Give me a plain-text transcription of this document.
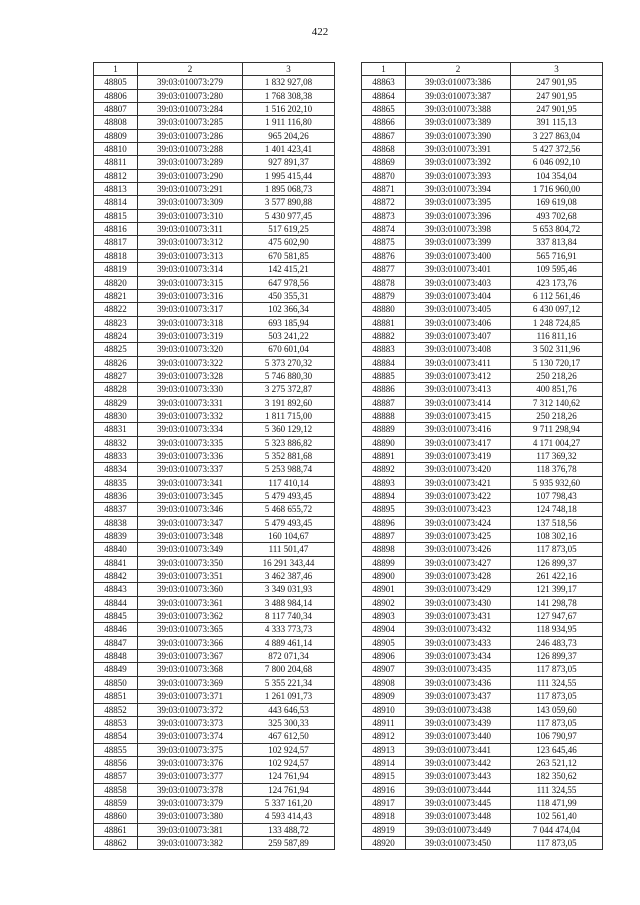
422
1	2	3
48805	39:03:010073:279	1 832 927,08
48806	39:03:010073:280	1 768 308,38
48807	39:03:010073:284	1 516 202,10
48808	39:03:010073:285	1 911 116,80
48809	39:03:010073:286	965 204,26
48810	39:03:010073:288	1 401 423,41
48811	39:03:010073:289	927 891,37
48812	39:03:010073:290	1 995 415,44
48813	39:03:010073:291	1 895 068,73
48814	39:03:010073:309	3 577 890,88
48815	39:03:010073:310	5 430 977,45
48816	39:03:010073:311	517 619,25
48817	39:03:010073:312	475 602,90
48818	39:03:010073:313	670 581,85
48819	39:03:010073:314	142 415,21
48820	39:03:010073:315	647 978,56
48821	39:03:010073:316	450 355,31
48822	39:03:010073:317	102 366,34
48823	39:03:010073:318	693 185,94
48824	39:03:010073:319	503 241,22
48825	39:03:010073:320	670 601,04
48826	39:03:010073:322	5 373 270,32
48827	39:03:010073:328	5 746 880,30
48828	39:03:010073:330	3 275 372,87
48829	39:03:010073:331	3 191 892,60
48830	39:03:010073:332	1 811 715,00
48831	39:03:010073:334	5 360 129,12
48832	39:03:010073:335	5 323 886,82
48833	39:03:010073:336	5 352 881,68
48834	39:03:010073:337	5 253 988,74
48835	39:03:010073:341	117 410,14
48836	39:03:010073:345	5 479 493,45
48837	39:03:010073:346	5 468 655,72
48838	39:03:010073:347	5 479 493,45
48839	39:03:010073:348	160 104,67
48840	39:03:010073:349	111 501,47
48841	39:03:010073:350	16 291 343,44
48842	39:03:010073:351	3 462 387,46
48843	39:03:010073:360	3 349 031,93
48844	39:03:010073:361	3 488 984,14
48845	39:03:010073:362	8 117 740,34
48846	39:03:010073:365	4 333 773,73
48847	39:03:010073:366	4 889 461,14
48848	39:03:010073:367	872 071,34
48849	39:03:010073:368	7 800 204,68
48850	39:03:010073:369	5 355 221,34
48851	39:03:010073:371	1 261 091,73
48852	39:03:010073:372	443 646,53
48853	39:03:010073:373	325 300,33
48854	39:03:010073:374	467 612,50
48855	39:03:010073:375	102 924,57
48856	39:03:010073:376	102 924,57
48857	39:03:010073:377	124 761,94
48858	39:03:010073:378	124 761,94
48859	39:03:010073:379	5 337 161,20
48860	39:03:010073:380	4 593 414,43
48861	39:03:010073:381	133 488,72
48862	39:03:010073:382	259 587,89
1	2	3
48863	39:03:010073:386	247 901,95
48864	39:03:010073:387	247 901,95
48865	39:03:010073:388	247 901,95
48866	39:03:010073:389	391 115,13
48867	39:03:010073:390	3 227 863,04
48868	39:03:010073:391	5 427 372,56
48869	39:03:010073:392	6 046 092,10
48870	39:03:010073:393	104 354,04
48871	39:03:010073:394	1 716 960,00
48872	39:03:010073:395	169 619,08
48873	39:03:010073:396	493 702,68
48874	39:03:010073:398	5 653 804,72
48875	39:03:010073:399	337 813,84
48876	39:03:010073:400	565 716,91
48877	39:03:010073:401	109 595,46
48878	39:03:010073:403	423 173,76
48879	39:03:010073:404	6 112 561,46
48880	39:03:010073:405	6 430 097,12
48881	39:03:010073:406	1 248 724,85
48882	39:03:010073:407	116 811,16
48883	39:03:010073:408	3 502 311,96
48884	39:03:010073:411	5 130 720,17
48885	39:03:010073:412	250 218,26
48886	39:03:010073:413	400 851,76
48887	39:03:010073:414	7 312 140,62
48888	39:03:010073:415	250 218,26
48889	39:03:010073:416	9 711 298,94
48890	39:03:010073:417	4 171 004,27
48891	39:03:010073:419	117 369,32
48892	39:03:010073:420	118 376,78
48893	39:03:010073:421	5 935 932,60
48894	39:03:010073:422	107 798,43
48895	39:03:010073:423	124 748,18
48896	39:03:010073:424	137 518,56
48897	39:03:010073:425	108 302,16
48898	39:03:010073:426	117 873,05
48899	39:03:010073:427	126 899,37
48900	39:03:010073:428	261 422,16
48901	39:03:010073:429	121 399,17
48902	39:03:010073:430	141 298,78
48903	39:03:010073:431	127 947,67
48904	39:03:010073:432	118 934,95
48905	39:03:010073:433	246 483,73
48906	39:03:010073:434	126 899,37
48907	39:03:010073:435	117 873,05
48908	39:03:010073:436	111 324,55
48909	39:03:010073:437	117 873,05
48910	39:03:010073:438	143 059,60
48911	39:03:010073:439	117 873,05
48912	39:03:010073:440	106 790,97
48913	39:03:010073:441	123 645,46
48914	39:03:010073:442	263 521,12
48915	39:03:010073:443	182 350,62
48916	39:03:010073:444	111 324,55
48917	39:03:010073:445	118 471,99
48918	39:03:010073:448	102 561,40
48919	39:03:010073:449	7 044 474,04
48920	39:03:010073:450	117 873,05
